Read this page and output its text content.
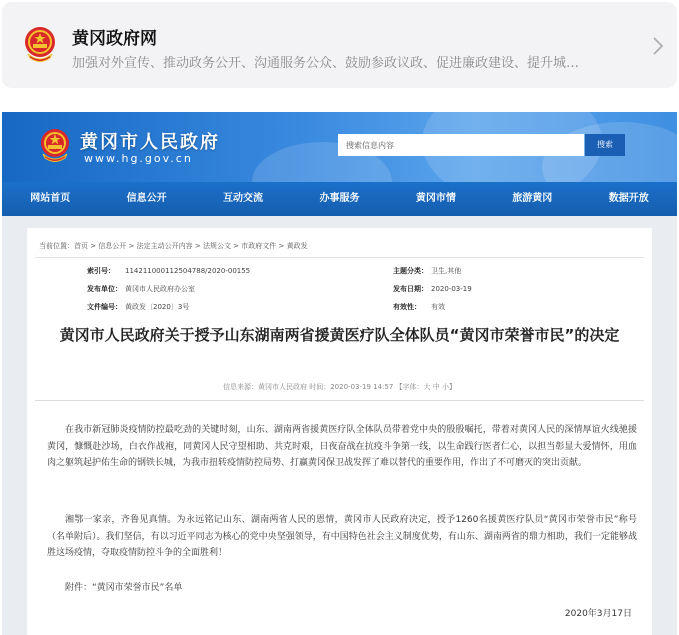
黄冈政府网
加强对外宣传、推动政务公开、沟通服务公众、鼓励参政议政、促进廉政建设、提升城…
黄冈市人民政府
www.hg.gov.cn
搜索信息内容
搜索
网站首页	信息公开	互动交流	办事服务	黄冈市情	旅游黄冈	数据开放
当前位置：首页 > 信息公开 > 法定主动公开内容 > 法规公文 > 市政府文件 > 黄政发
索引号： 114211000112504788/2020-00155	主题分类： 卫生,其他
发布单位： 黄冈市人民政府办公室	发布日期： 2020-03-19
文件编号： 黄政发〔2020〕3号	有效性： 有效
黄冈市人民政府关于授予山东湖南两省援黄医疗队全体队员“黄冈市荣誉市民”的决定
信息来源：黄冈市人民政府 时间：2020-03-19 14:57 【字体：大 中 小】

在我市新冠肺炎疫情防控最吃劲的关键时刻，山东、湖南两省援黄医疗队全体队员带着党中央的殷殷嘱托，带着对黄冈人民的深情厚谊火线驰援黄冈，慷慨赴沙场，白衣作战袍，同黄冈人民守望相助、共克时艰，日夜奋战在抗疫斗争第一线，以生命践行医者仁心，以担当彰显大爱情怀，用血肉之躯筑起护佑生命的钢铁长城，为我市扭转疫情防控局势、打赢黄冈保卫战发挥了难以替代的重要作用，作出了不可磨灭的突出贡献。

湘鄂一家亲，齐鲁见真情。为永远铭记山东、湖南两省人民的恩情，黄冈市人民政府决定，授予1260名援黄医疗队员“黄冈市荣誉市民”称号（名单附后）。我们坚信，有以习近平同志为核心的党中央坚强领导，有中国特色社会主义制度优势，有山东、湖南两省的鼎力相助，我们一定能够战胜这场疫情，夺取疫情防控斗争的全面胜利！

附件：“黄冈市荣誉市民”名单

2020年3月17日
